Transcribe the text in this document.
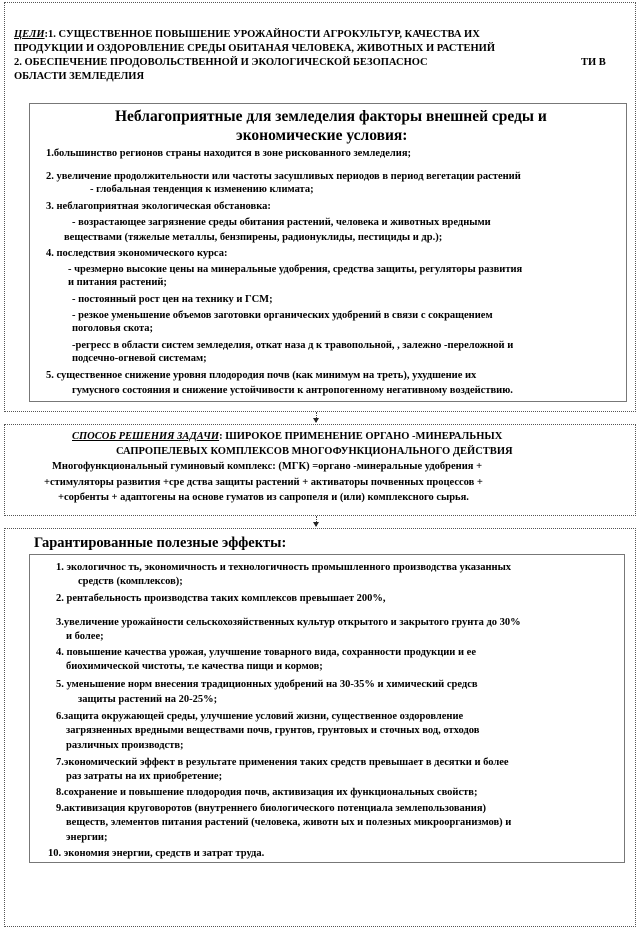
ЦЕЛИ:1. СУЩЕСТВЕННОЕ ПОВЫШЕНИЕ УРОЖАЙНОСТИ АГРОКУЛЬТУР, КАЧЕСТВА ИХ
ПРОДУКЦИИ И ОЗДОРОВЛЕНИЕ СРЕДЫ ОБИТАНАЯ ЧЕЛОВЕКА, ЖИВОТНЫХ И РАСТЕНИЙ
2. ОБЕСПЕЧЕНИЕ ПРОДОВОЛЬСТВЕННОЙ И ЭКОЛОГИЧЕСКОЙ БЕЗОПАСНОС	ТИ В
ОБЛАСТИ ЗЕМЛЕДЕЛИЯ
Неблагоприятные для земледелия факторы внешней среды и
экономические условия:
1.большинство регионов страны находится в зоне рискованного земледелия;
2. увеличение продолжительности или частоты засушливых периодов в период вегетации растений
- глобальная тенденция к изменению климата;
3. неблагоприятная экологическая обстановка:
- возрастающее загрязнение среды обитания растений, человека и животных вредными
веществами (тяжелые металлы, бензпирены, радионуклиды, пестициды и др.);
4. последствия экономического курса:
- чрезмерно высокие цены на минеральные удобрения, средства защиты, регуляторы развития
и питания растений;
- постоянный рост цен на технику и ГСМ;
- резкое уменьшение объемов заготовки органических удобрений в связи с сокращением
поголовья скота;
-регресс в области систем земледелия, откат наза д к травопольной, , залежно -переложной и
подсечно-огневой системам;
5. существенное снижение уровня плодородия почв (как минимум на треть), ухудшение их
гумусного состояния и снижение устойчивости к антропогенному негативному воздействию.
СПОСОБ РЕШЕНИЯ ЗАДАЧИ: ШИРОКОЕ ПРИМЕНЕНИЕ ОРГАНО -МИНЕРАЛЬНЫХ
САПРОПЕЛЕВЫХ КОМПЛЕКСОВ МНОГОФУНКЦИОНАЛЬНОГО ДЕЙСТВИЯ
Многофункциональный гуминовый комплекс: (МГК) =органо -минеральные удобрения +
+стимуляторы развития +сре дства защиты растений + активаторы почвенных процессов +
+сорбенты + адаптогены на основе гуматов из сапропеля и (или) комплексного сырья.
Гарантированные полезные эффекты:
1. экологичнос ть, экономичность и технологичность промышленного производства указанных
средств (комплексов);
2. рентабельность производства таких комплексов превышает 200%,
3.увеличение урожайности сельскохозяйственных культур открытого и закрытого грунта до 30%
и более;
4. повышение качества урожая, улучшение товарного вида, сохранности продукции и ее
биохимической чистоты, т.е качества пищи и кормов;
5. уменьшение норм внесения традиционных удобрений на 30-35% и химический средсв
защиты растений на 20-25%;
6.защита окружающей среды, улучшение условий жизни, существенное оздоровление
загрязненных вредными веществами почв, грунтов, грунтовых и сточных вод, отходов
различных производств;
7.экономический эффект в результате применения таких средств превышает в десятки и более
раз затраты на их приобретение;
8.сохранение и повышение плодородия почв, активизация их функциональных свойств;
9.активизация круговоротов (внутреннего биологического потенциала землепользования)
веществ, элементов питания растений (человека, животн ых и полезных микроорганизмов) и
энергии;
10. экономия энергии, средств и затрат труда.
